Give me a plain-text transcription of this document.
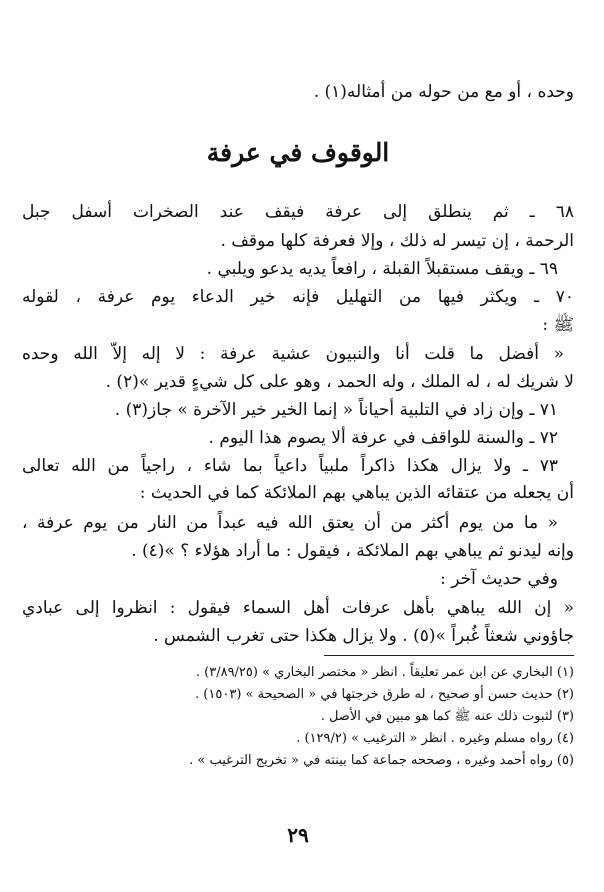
وحده ، أو مع من حوله من أمثاله(١) .
الوقوف في عرفة
٦٨ ـ ثم ينطلق إلى عرفة فيقف عند الصخرات أسفل جبل
الرحمة ، إن تيسر له ذلك ، وإلا فعرفة كلها موقف .
٦٩ ـ ويقف مستقبلاً القبلة ، رافعاً يديه يدعو ويلبي .
٧٠ ـ ويكثر فيها من التهليل فإنه خير الدعاء يوم عرفة ، لقوله
ﷺ :
« أفضل ما قلت أنا والنبيون عشية عرفة : لا إله إلاّ الله وحده
لا شريك له ، له الملك ، وله الحمد ، وهو على كل شيءٍ قدير »(٢) .
٧١ ـ وإن زاد في التلبية أحياناً « إنما الخير خير الآخرة » جاز(٣) .
٧٢ ـ والسنة للواقف في عرفة ألا يصوم هذا اليوم .
٧٣ ـ ولا يزال هكذا ذاكراً ملبياً داعياً بما شاء ، راجياً من الله تعالى
أن يجعله من عتقائه الذين يباهي بهم الملائكة كما في الحديث :
« ما من يوم أكثر من أن يعتق الله فيه عبداً من النار من يوم عرفة ،
وإنه ليدنو ثم يباهي بهم الملائكة ، فيقول : ما أراد هؤلاء ؟ »(٤) .
وفي حديث آخر :
« إن الله يباهي بأهل عرفات أهل السماء فيقول : انظروا إلى عبادي
جاؤوني شعثاً غُبراً »(٥) . ولا يزال هكذا حتى تغرب الشمس .
(١) البخاري عن ابن عمر تعليقاً . انظر « مختصر البخاري » (٣/٨٩/٢٥) .
(٢) حديث حسن أو صحيح ، له طرق خرجتها في « الصحيحة » (١٥٠٣) .
(٣) لثبوت ذلك عنه ﷺ كما هو مبين في الأصل .
(٤) رواه مسلم وغيره . انظر « الترغيب » (١٢٩/٢) .
(٥) رواه أحمد وغيره ، وصححه جماعة كما بينته في « تخريج الترغيب » .
٢٩
